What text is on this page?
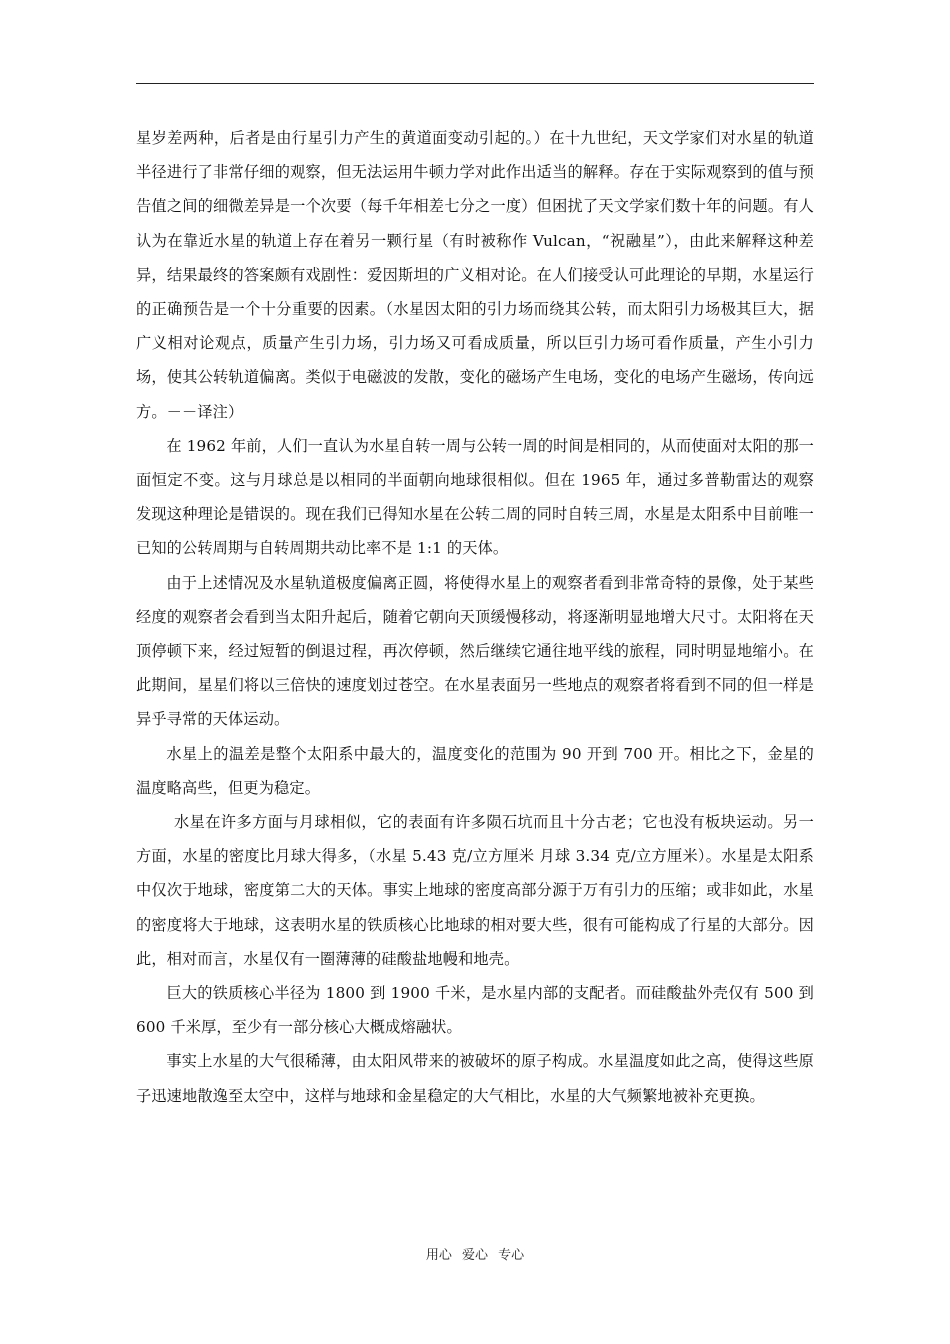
星岁差两种，后者是由行星引力产生的黄道面变动引起的。）在十九世纪，天文学家们对水星的轨道半径进行了非常仔细的观察，但无法运用牛顿力学对此作出适当的解释。存在于实际观察到的值与预告值之间的细微差异是一个次要（每千年相差七分之一度）但困扰了天文学家们数十年的问题。有人认为在靠近水星的轨道上存在着另一颗行星（有时被称作 Vulcan，“祝融星”），由此来解释这种差异，结果最终的答案颇有戏剧性：爱因斯坦的广义相对论。在人们接受认可此理论的早期，水星运行的正确预告是一个十分重要的因素。（水星因太阳的引力场而绕其公转，而太阳引力场极其巨大，据广义相对论观点，质量产生引力场，引力场又可看成质量，所以巨引力场可看作质量，产生小引力场，使其公转轨道偏离。类似于电磁波的发散，变化的磁场产生电场，变化的电场产生磁场，传向远方。－－译注）

在 1962 年前，人们一直认为水星自转一周与公转一周的时间是相同的，从而使面对太阳的那一面恒定不变。这与月球总是以相同的半面朝向地球很相似。但在 1965 年，通过多普勒雷达的观察发现这种理论是错误的。现在我们已得知水星在公转二周的同时自转三周，水星是太阳系中目前唯一已知的公转周期与自转周期共动比率不是 1:1 的天体。

由于上述情况及水星轨道极度偏离正圆，将使得水星上的观察者看到非常奇特的景像，处于某些经度的观察者会看到当太阳升起后，随着它朝向天顶缓慢移动，将逐渐明显地增大尺寸。太阳将在天顶停顿下来，经过短暂的倒退过程，再次停顿，然后继续它通往地平线的旅程，同时明显地缩小。在此期间，星星们将以三倍快的速度划过苍空。在水星表面另一些地点的观察者将看到不同的但一样是异乎寻常的天体运动。

水星上的温差是整个太阳系中最大的，温度变化的范围为 90 开到 700 开。相比之下，金星的温度略高些，但更为稳定。

水星在许多方面与月球相似，它的表面有许多陨石坑而且十分古老；它也没有板块运动。另一方面，水星的密度比月球大得多，（水星 5.43 克/立方厘米 月球 3.34 克/立方厘米）。水星是太阳系中仅次于地球，密度第二大的天体。事实上地球的密度高部分源于万有引力的压缩；或非如此，水星的密度将大于地球，这表明水星的铁质核心比地球的相对要大些，很有可能构成了行星的大部分。因此，相对而言，水星仅有一圈薄薄的硅酸盐地幔和地壳。

巨大的铁质核心半径为 1800 到 1900 千米，是水星内部的支配者。而硅酸盐外壳仅有 500 到 600 千米厚，至少有一部分核心大概成熔融状。

事实上水星的大气很稀薄，由太阳风带来的被破坏的原子构成。水星温度如此之高，使得这些原子迅速地散逸至太空中，这样与地球和金星稳定的大气相比，水星的大气频繁地被补充更换。

用心 爱心 专心
